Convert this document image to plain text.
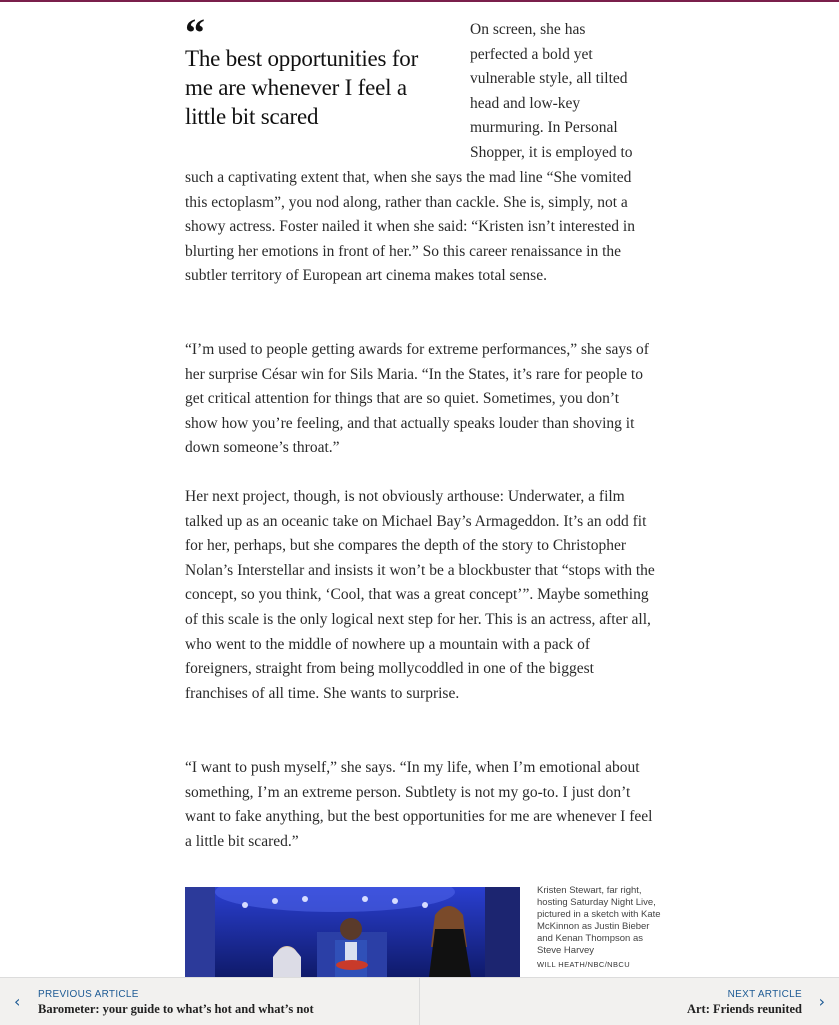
“
The best opportunities for me are whenever I feel a little bit scared

On screen, she has

perfected a bold yet

vulnerable style, all tilted

head and low-key

murmuring. In Personal

Shopper, it is employed to

such a captivating extent that, when she says the mad line “She vomited this ectoplasm”, you nod along, rather than cackle. She is, simply, not a showy actress. Foster nailed it when she said: “Kristen isn’t interested in blurting her emotions in front of her.” So this career renaissance in the subtler territory of European art cinema makes total sense.

“I’m used to people getting awards for extreme performances,” she says of her surprise César win for Sils Maria. “In the States, it’s rare for people to get critical attention for things that are so quiet. Sometimes, you don’t show how you’re feeling, and that actually speaks louder than shoving it down someone’s throat.”

Her next project, though, is not obviously arthouse: Underwater, a film talked up as an oceanic take on Michael Bay’s Armageddon. It’s an odd fit for her, perhaps, but she compares the depth of the story to Christopher Nolan’s Interstellar and insists it won’t be a blockbuster that “stops with the concept, so you think, ‘Cool, that was a great concept’”. Maybe something of this scale is the only logical next step for her. This is an actress, after all, who went to the middle of nowhere up a mountain with a pack of foreigners, straight from being mollycoddled in one of the biggest franchises of all time. She wants to surprise.

“I want to push myself,” she says. “In my life, when I’m emotional about something, I’m an extreme person. Subtlety is not my go-to. I just don’t want to fake anything, but the best opportunities for me are whenever I feel a little bit scared.”

Kristen Stewart, far right, hosting Saturday Night Live, pictured in a sketch with Kate McKinnon as Justin Bieber and Kenan Thompson as Steve Harvey
WILL HEATH/NBC/NBCU
‹ PREVIOUS ARTICLE
Barometer: your guide to what’s hot and what’s not
NEXT ARTICLE
Art: Friends reunited ›
